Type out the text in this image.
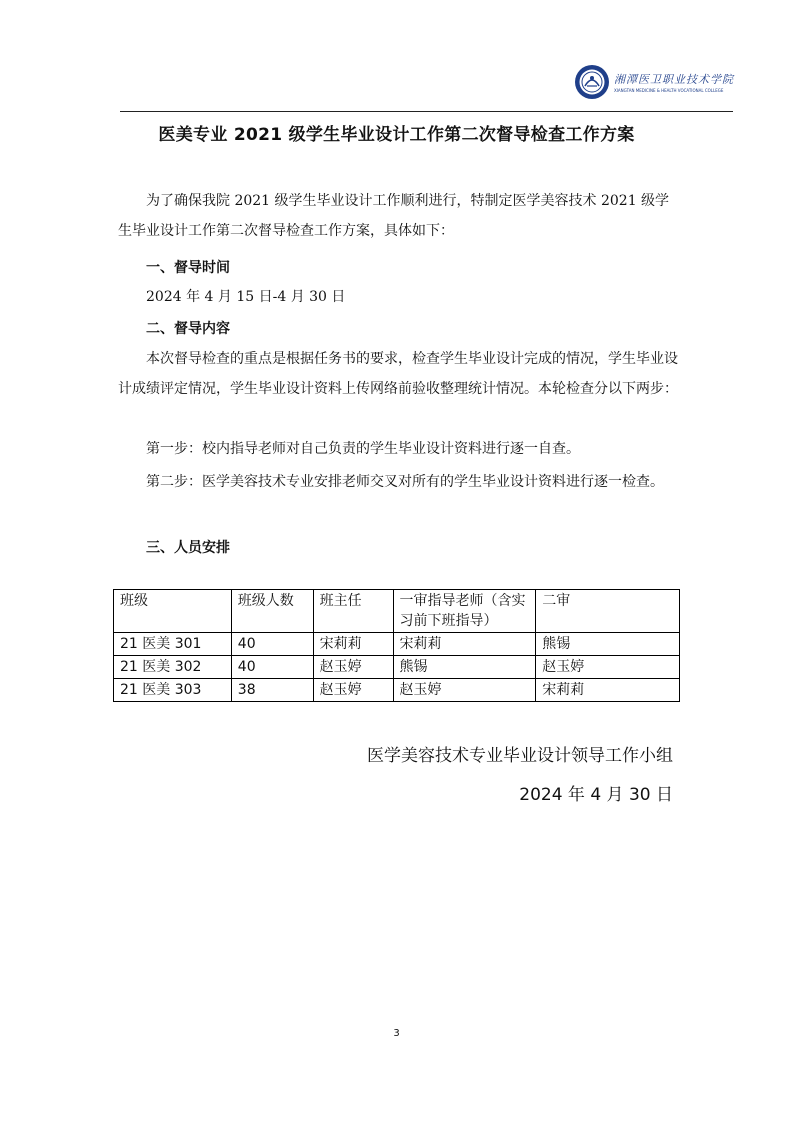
湘潭医卫职业技术学院
XIANGTAN MEDICINE & HEALTH VOCATIONAL COLLEGE
医美专业 2021 级学生毕业设计工作第二次督导检查工作方案
为了确保我院 2021 级学生毕业设计工作顺利进行，特制定医学美容技术 2021 级学生毕业设计工作第二次督导检查工作方案，具体如下：
一、督导时间
2024 年 4 月 15 日-4 月 30 日
二、督导内容
本次督导检查的重点是根据任务书的要求，检查学生毕业设计完成的情况，学生毕业设计成绩评定情况，学生毕业设计资料上传网络前验收整理统计情况。本轮检查分以下两步：
第一步：校内指导老师对自己负责的学生毕业设计资料进行逐一自查。
第二步：医学美容技术专业安排老师交叉对所有的学生毕业设计资料进行逐一检查。
三、人员安排
班级	班级人数	班主任	一审指导老师（含实习前下班指导）	二审
21 医美 301	40	宋莉莉	宋莉莉	熊锡
21 医美 302	40	赵玉婷	熊锡	赵玉婷
21 医美 303	38	赵玉婷	赵玉婷	宋莉莉
医学美容技术专业毕业设计领导工作小组
2024 年 4 月 30 日
3
